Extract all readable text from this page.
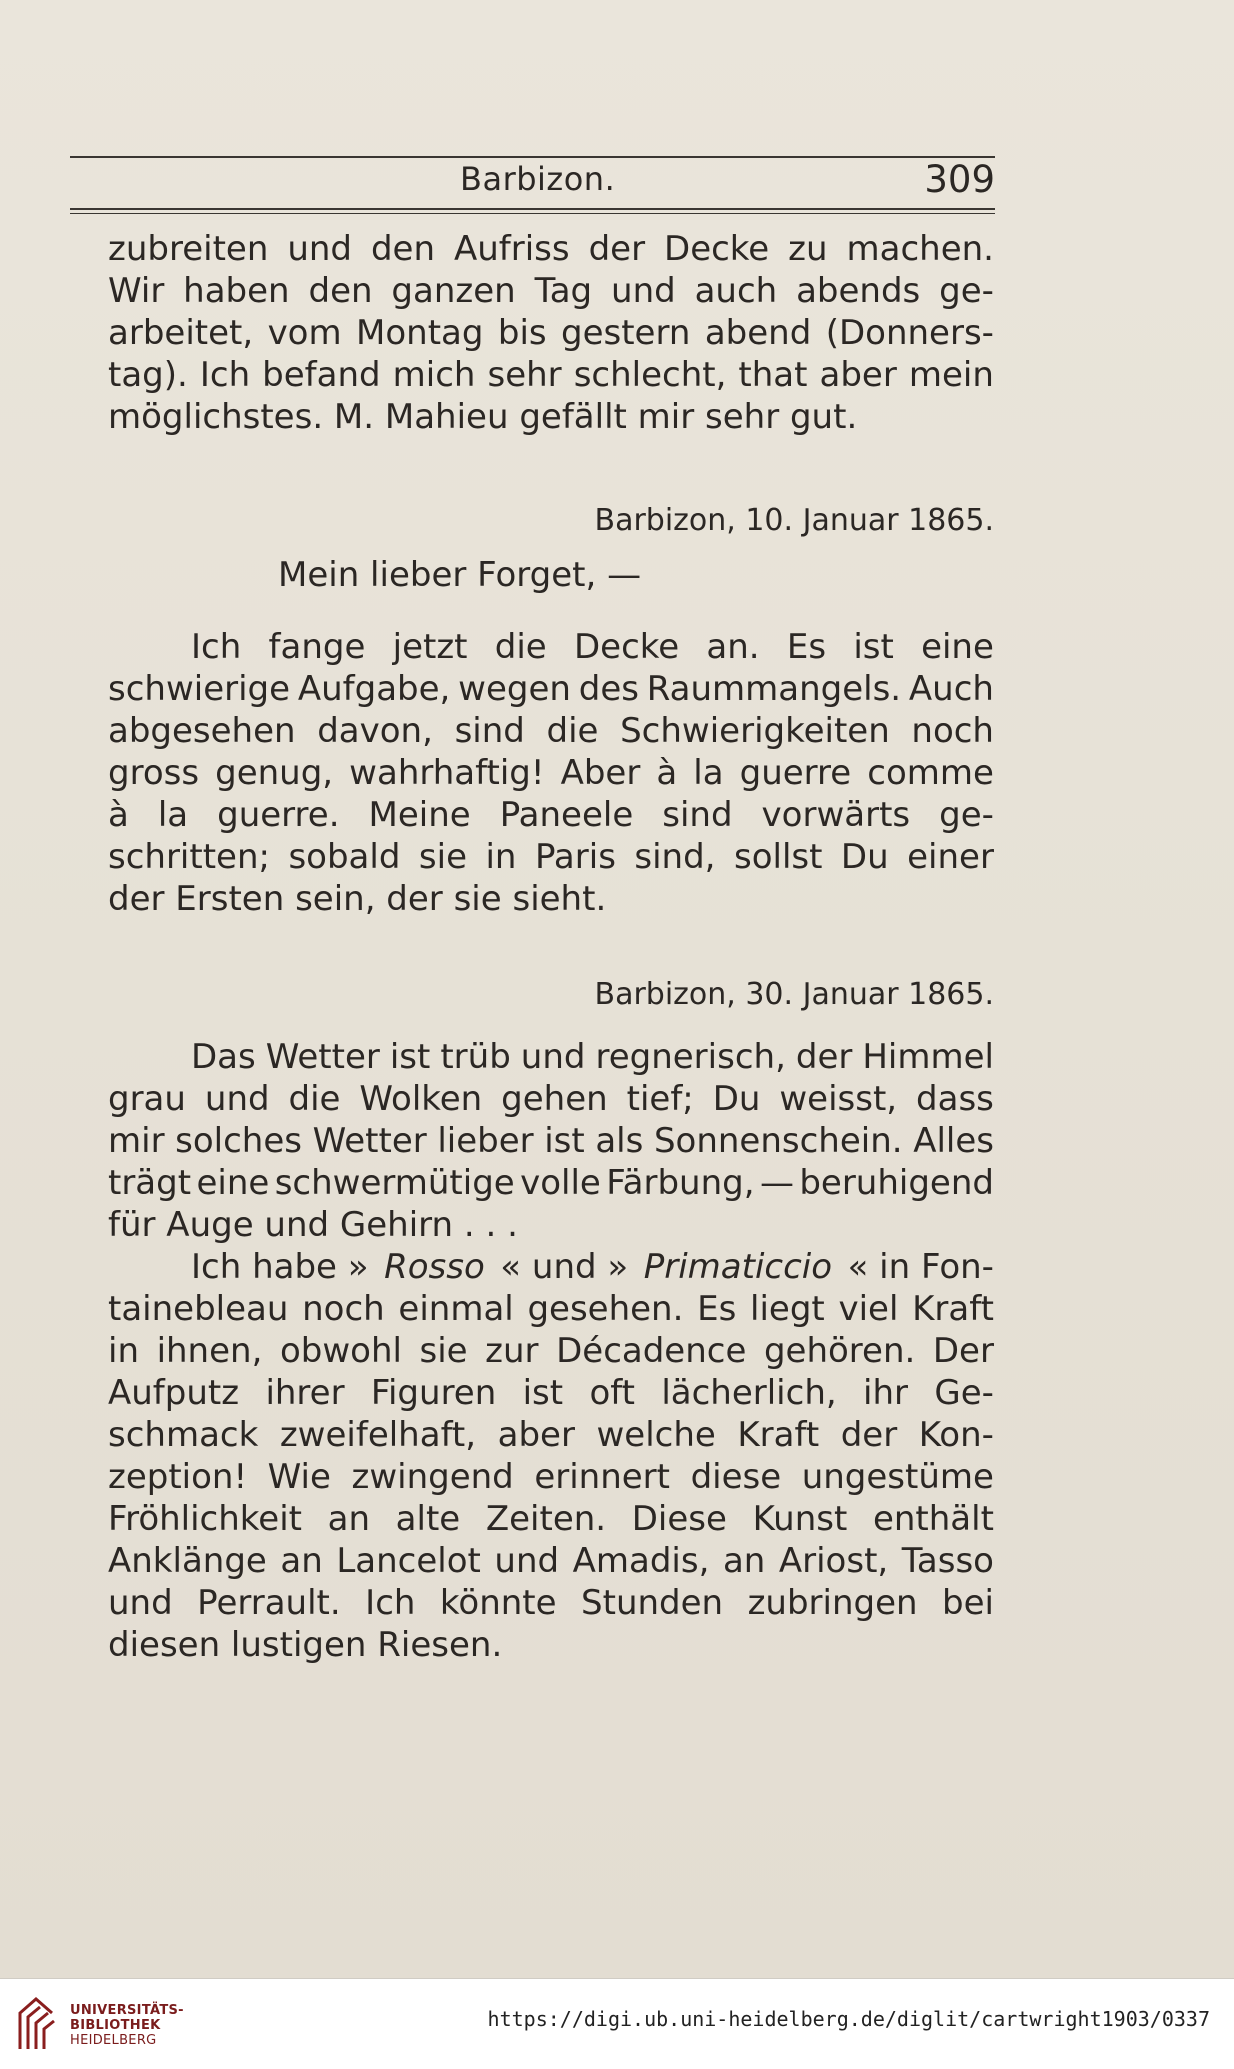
Barbizon.	309
zubreiten und den Aufriss der Decke zu machen.
Wir haben den ganzen Tag und auch abends ge-
arbeitet, vom Montag bis gestern abend (Donners-
tag). Ich befand mich sehr schlecht, that aber mein
möglichstes. M. Mahieu gefällt mir sehr gut.
Barbizon, 10. Januar 1865.
Mein lieber Forget, —
Ich fange jetzt die Decke an. Es ist eine
schwierige Aufgabe, wegen des Raummangels. Auch
abgesehen davon, sind die Schwierigkeiten noch
gross genug, wahrhaftig! Aber à la guerre comme
à la guerre. Meine Paneele sind vorwärts ge-
schritten; sobald sie in Paris sind, sollst Du einer
der Ersten sein, der sie sieht.
Barbizon, 30. Januar 1865.
Das Wetter ist trüb und regnerisch, der Himmel
grau und die Wolken gehen tief; Du weisst, dass
mir solches Wetter lieber ist als Sonnenschein. Alles
trägt eine schwermütige volle Färbung, — beruhigend
für Auge und Gehirn . . .
Ich habe » Rosso « und » Primaticcio « in Fon-
tainebleau noch einmal gesehen. Es liegt viel Kraft
in ihnen, obwohl sie zur Décadence gehören. Der
Aufputz ihrer Figuren ist oft lächerlich, ihr Ge-
schmack zweifelhaft, aber welche Kraft der Kon-
zeption! Wie zwingend erinnert diese ungestüme
Fröhlichkeit an alte Zeiten. Diese Kunst enthält
Anklänge an Lancelot und Amadis, an Ariost, Tasso
und Perrault. Ich könnte Stunden zubringen bei
diesen lustigen Riesen.
UNIVERSITÄTS-
BIBLIOTHEK
HEIDELBERG
https://digi.ub.uni-heidelberg.de/diglit/cartwright1903/0337
